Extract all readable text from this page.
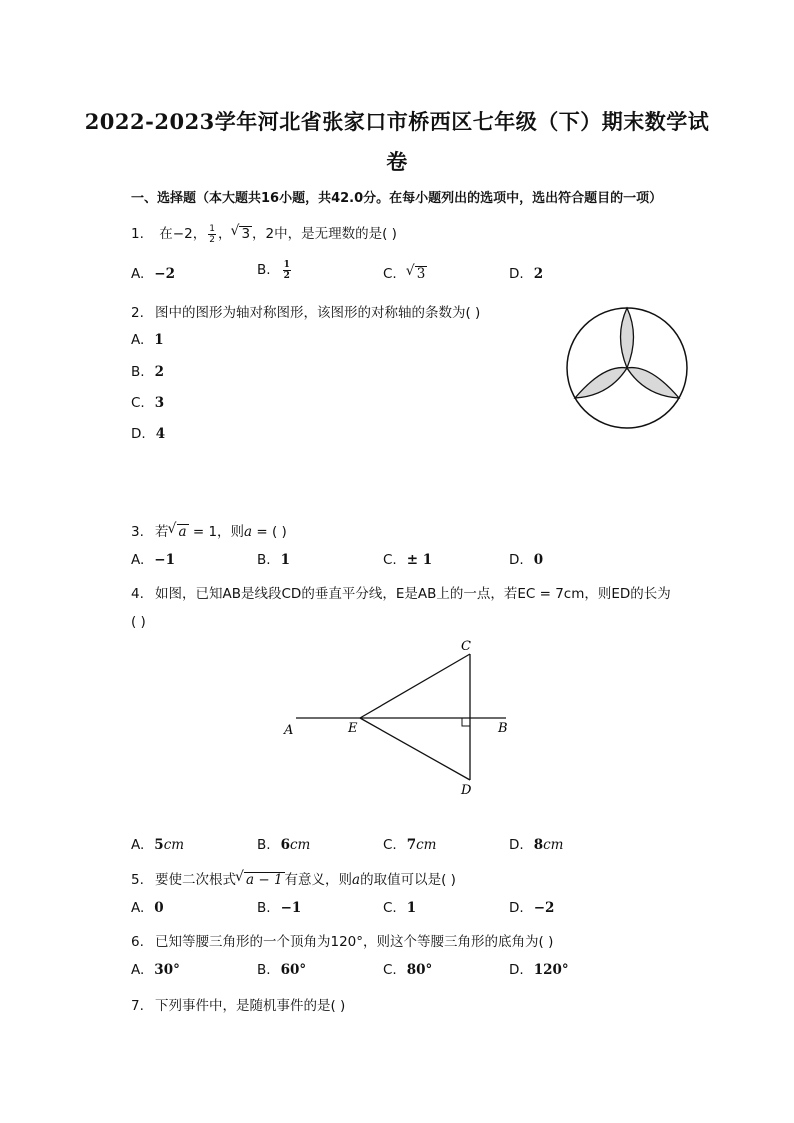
2022-2023学年河北省张家口市桥西区七年级（下）期末数学试
卷
一、选择题（本大题共16小题，共42.0分。在每小题列出的选项中，选出符合题目的一项）
1. 在−2， $\frac{1}{2}$ ， √ 3 ，2中，是无理数的是( )
A. −2	B. $\frac{1}{2}$	C. √ 3	D. 2
2. 图中的图形为轴对称图形，该图形的对称轴的条数为( )
A. 1
B. 2
C. 3
D. 4
3. 若 √ a = 1，则a = ( )
A. −1	B. 1	C. ± 1	D. 0
4. 如图，已知AB是线段CD的垂直平分线，E是AB上的一点，若EC = 7cm，则ED的长为
( )
A	E	B
C
D
A. 5cm	B. 6cm	C. 7cm	D. 8cm
5. 要使二次根式 √ a − 1 有意义，则a的取值可以是( )
A. 0	B. −1	C. 1	D. −2
6. 已知等腰三角形的一个顶角为120°，则这个等腰三角形的底角为( )
A. 30°	B. 60°	C. 80°	D. 120°
7. 下列事件中，是随机事件的是( )
